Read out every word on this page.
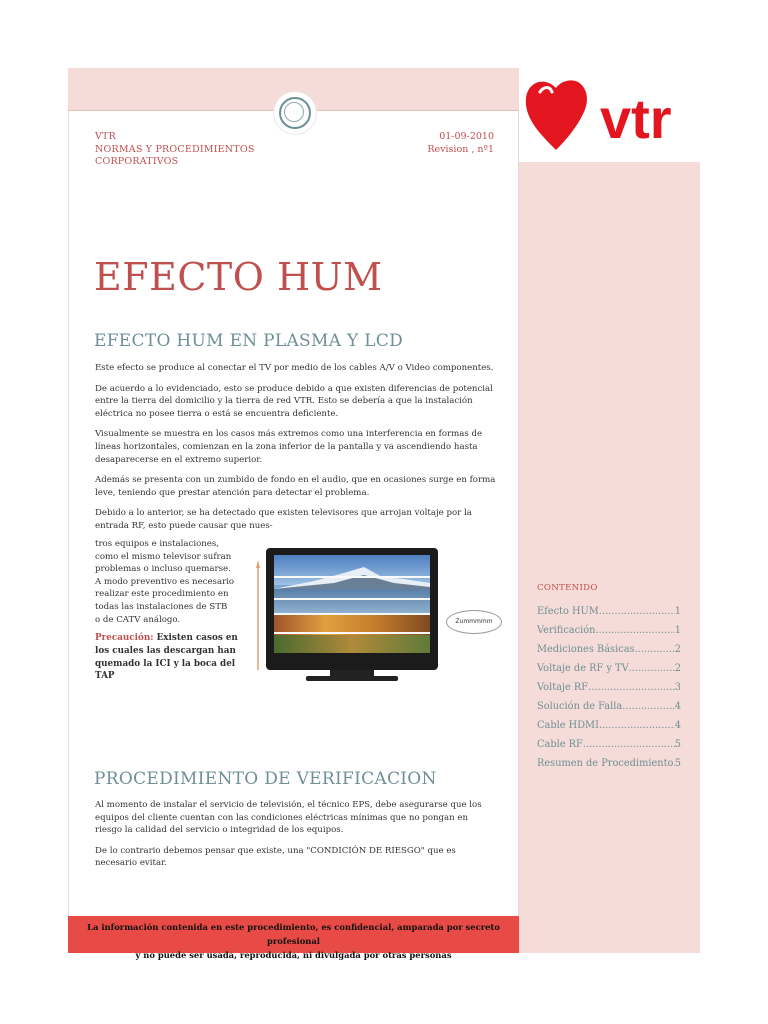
VTR
NORMAS Y PROCEDIMIENTOS
CORPORATIVOS
01-09-2010
Revision , nº1 vtr
EFECTO HUM
EFECTO HUM EN PLASMA Y LCD

Este efecto se produce al conectar el TV por medio de los cables A/V o Video componentes.

De acuerdo a lo evidenciado, esto se produce debido a que existen diferencias de potencial entre la tierra del domicilio y la tierra de red VTR. Esto se debería a que la instalación eléctrica no posee tierra o está se encuentra deficiente.

Visualmente se muestra en los casos más extremos como una interferencia en formas de líneas horizontales, comienzan en la zona inferior de la pantalla y va ascendiendo hasta desaparecerse en el extremo superior.

Además se presenta con un zumbido de fondo en el audio, que en ocasiones surge en forma leve, teniendo que prestar atención para detectar el problema.

Debido a lo anterior, se ha detectado que existen televisores que arrojan voltaje por la entrada RF, esto puede causar que nues-

tros equipos e instalaciones, como el mismo televisor sufran problemas o incluso quemarse. A modo preventivo es necesario realizar este procedimiento en todas las instalaciones de STB o de CATV análogo.
Precaución: Existen casos en los cuales las descargan han quemado la ICI y la boca del TAP
Zummmmm
PROCEDIMIENTO DE VERIFICACION

Al momento de instalar el servicio de televisión, el técnico EPS, debe asegurarse que los equipos del cliente cuentan con las condiciones eléctricas mínimas que no pongan en riesgo la calidad del servicio o integridad de los equipos.

De lo contrario debemos pensar que existe, una "CONDICIÓN DE RIESGO" que es necesario evitar.

CONTENIDO
Efecto HUM .....	1
Verificación .....	1
Mediciones Básicas .....	2
Voltaje de RF y TV .....	2
Voltaje RF .....	3
Solución de Falla .....	4
Cable HDMI .....	4
Cable RF .....	5
Resumen de Procedimiento ..... 5
La información contenida en este procedimiento, es confidencial, amparada por secreto profesional
y no puede ser usada, reproducida, ni divulgada por otras personas
